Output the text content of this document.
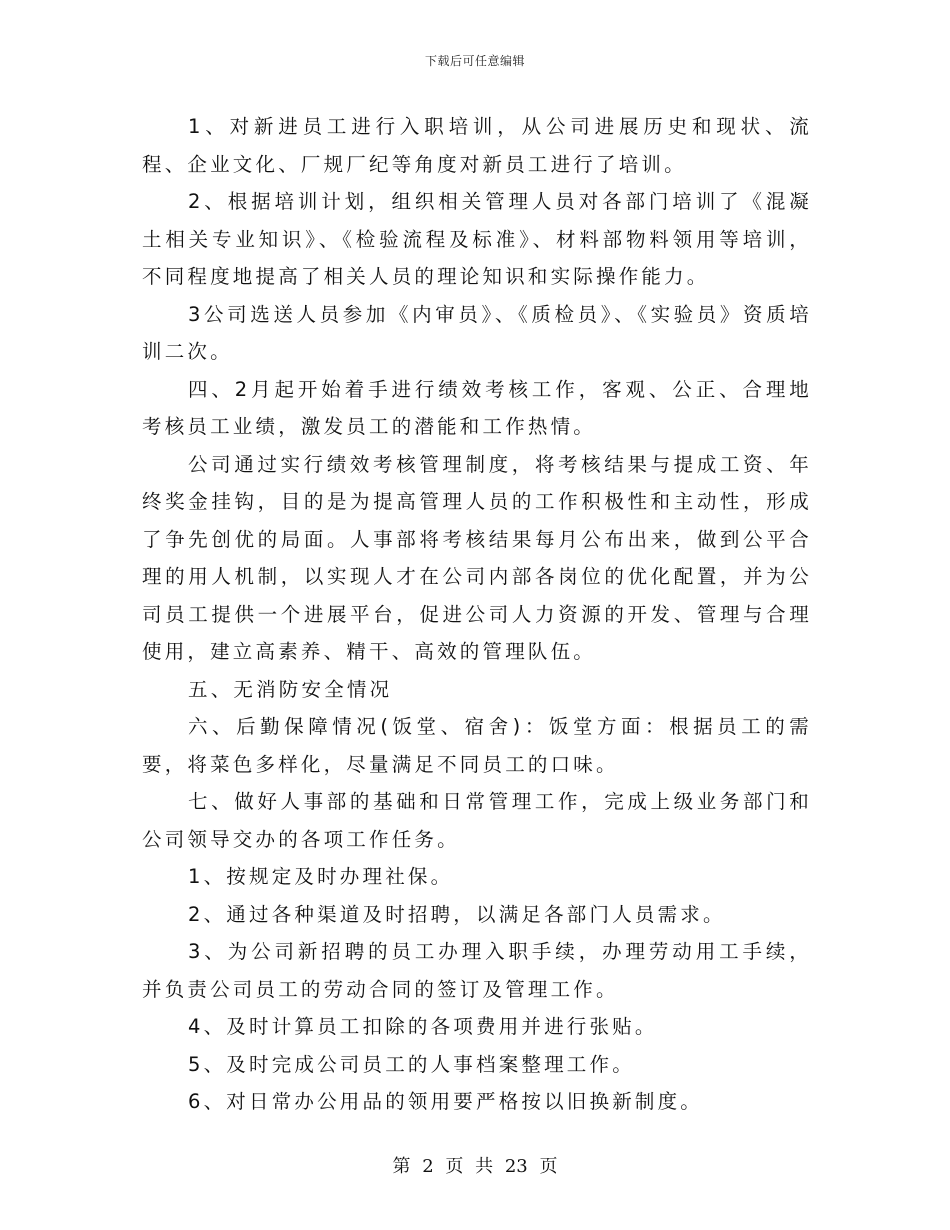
下载后可任意编辑

1、对新进员工进行入职培训，从公司进展历史和现状、流程、企业文化、厂规厂纪等角度对新员工进行了培训。

2、根据培训计划，组织相关管理人员对各部门培训了《混凝土相关专业知识》、《检验流程及标准》、材料部物料领用等培训，不同程度地提高了相关人员的理论知识和实际操作能力。

3公司选送人员参加《内审员》、《质检员》、《实验员》资质培训二次。

四、2月起开始着手进行绩效考核工作，客观、公正、合理地考核员工业绩，激发员工的潜能和工作热情。

公司通过实行绩效考核管理制度，将考核结果与提成工资、年终奖金挂钩，目的是为提高管理人员的工作积极性和主动性，形成了争先创优的局面。人事部将考核结果每月公布出来，做到公平合理的用人机制，以实现人才在公司内部各岗位的优化配置，并为公司员工提供一个进展平台，促进公司人力资源的开发、管理与合理使用，建立高素养、精干、高效的管理队伍。

五、无消防安全情况

六、后勤保障情况(饭堂、宿舍)：饭堂方面：根据员工的需要，将菜色多样化，尽量满足不同员工的口味。

七、做好人事部的基础和日常管理工作，完成上级业务部门和公司领导交办的各项工作任务。

1、按规定及时办理社保。

2、通过各种渠道及时招聘，以满足各部门人员需求。

3、为公司新招聘的员工办理入职手续，办理劳动用工手续，并负责公司员工的劳动合同的签订及管理工作。

4、及时计算员工扣除的各项费用并进行张贴。

5、及时完成公司员工的人事档案整理工作。

6、对日常办公用品的领用要严格按以旧换新制度。

第 2 页 共 23 页
